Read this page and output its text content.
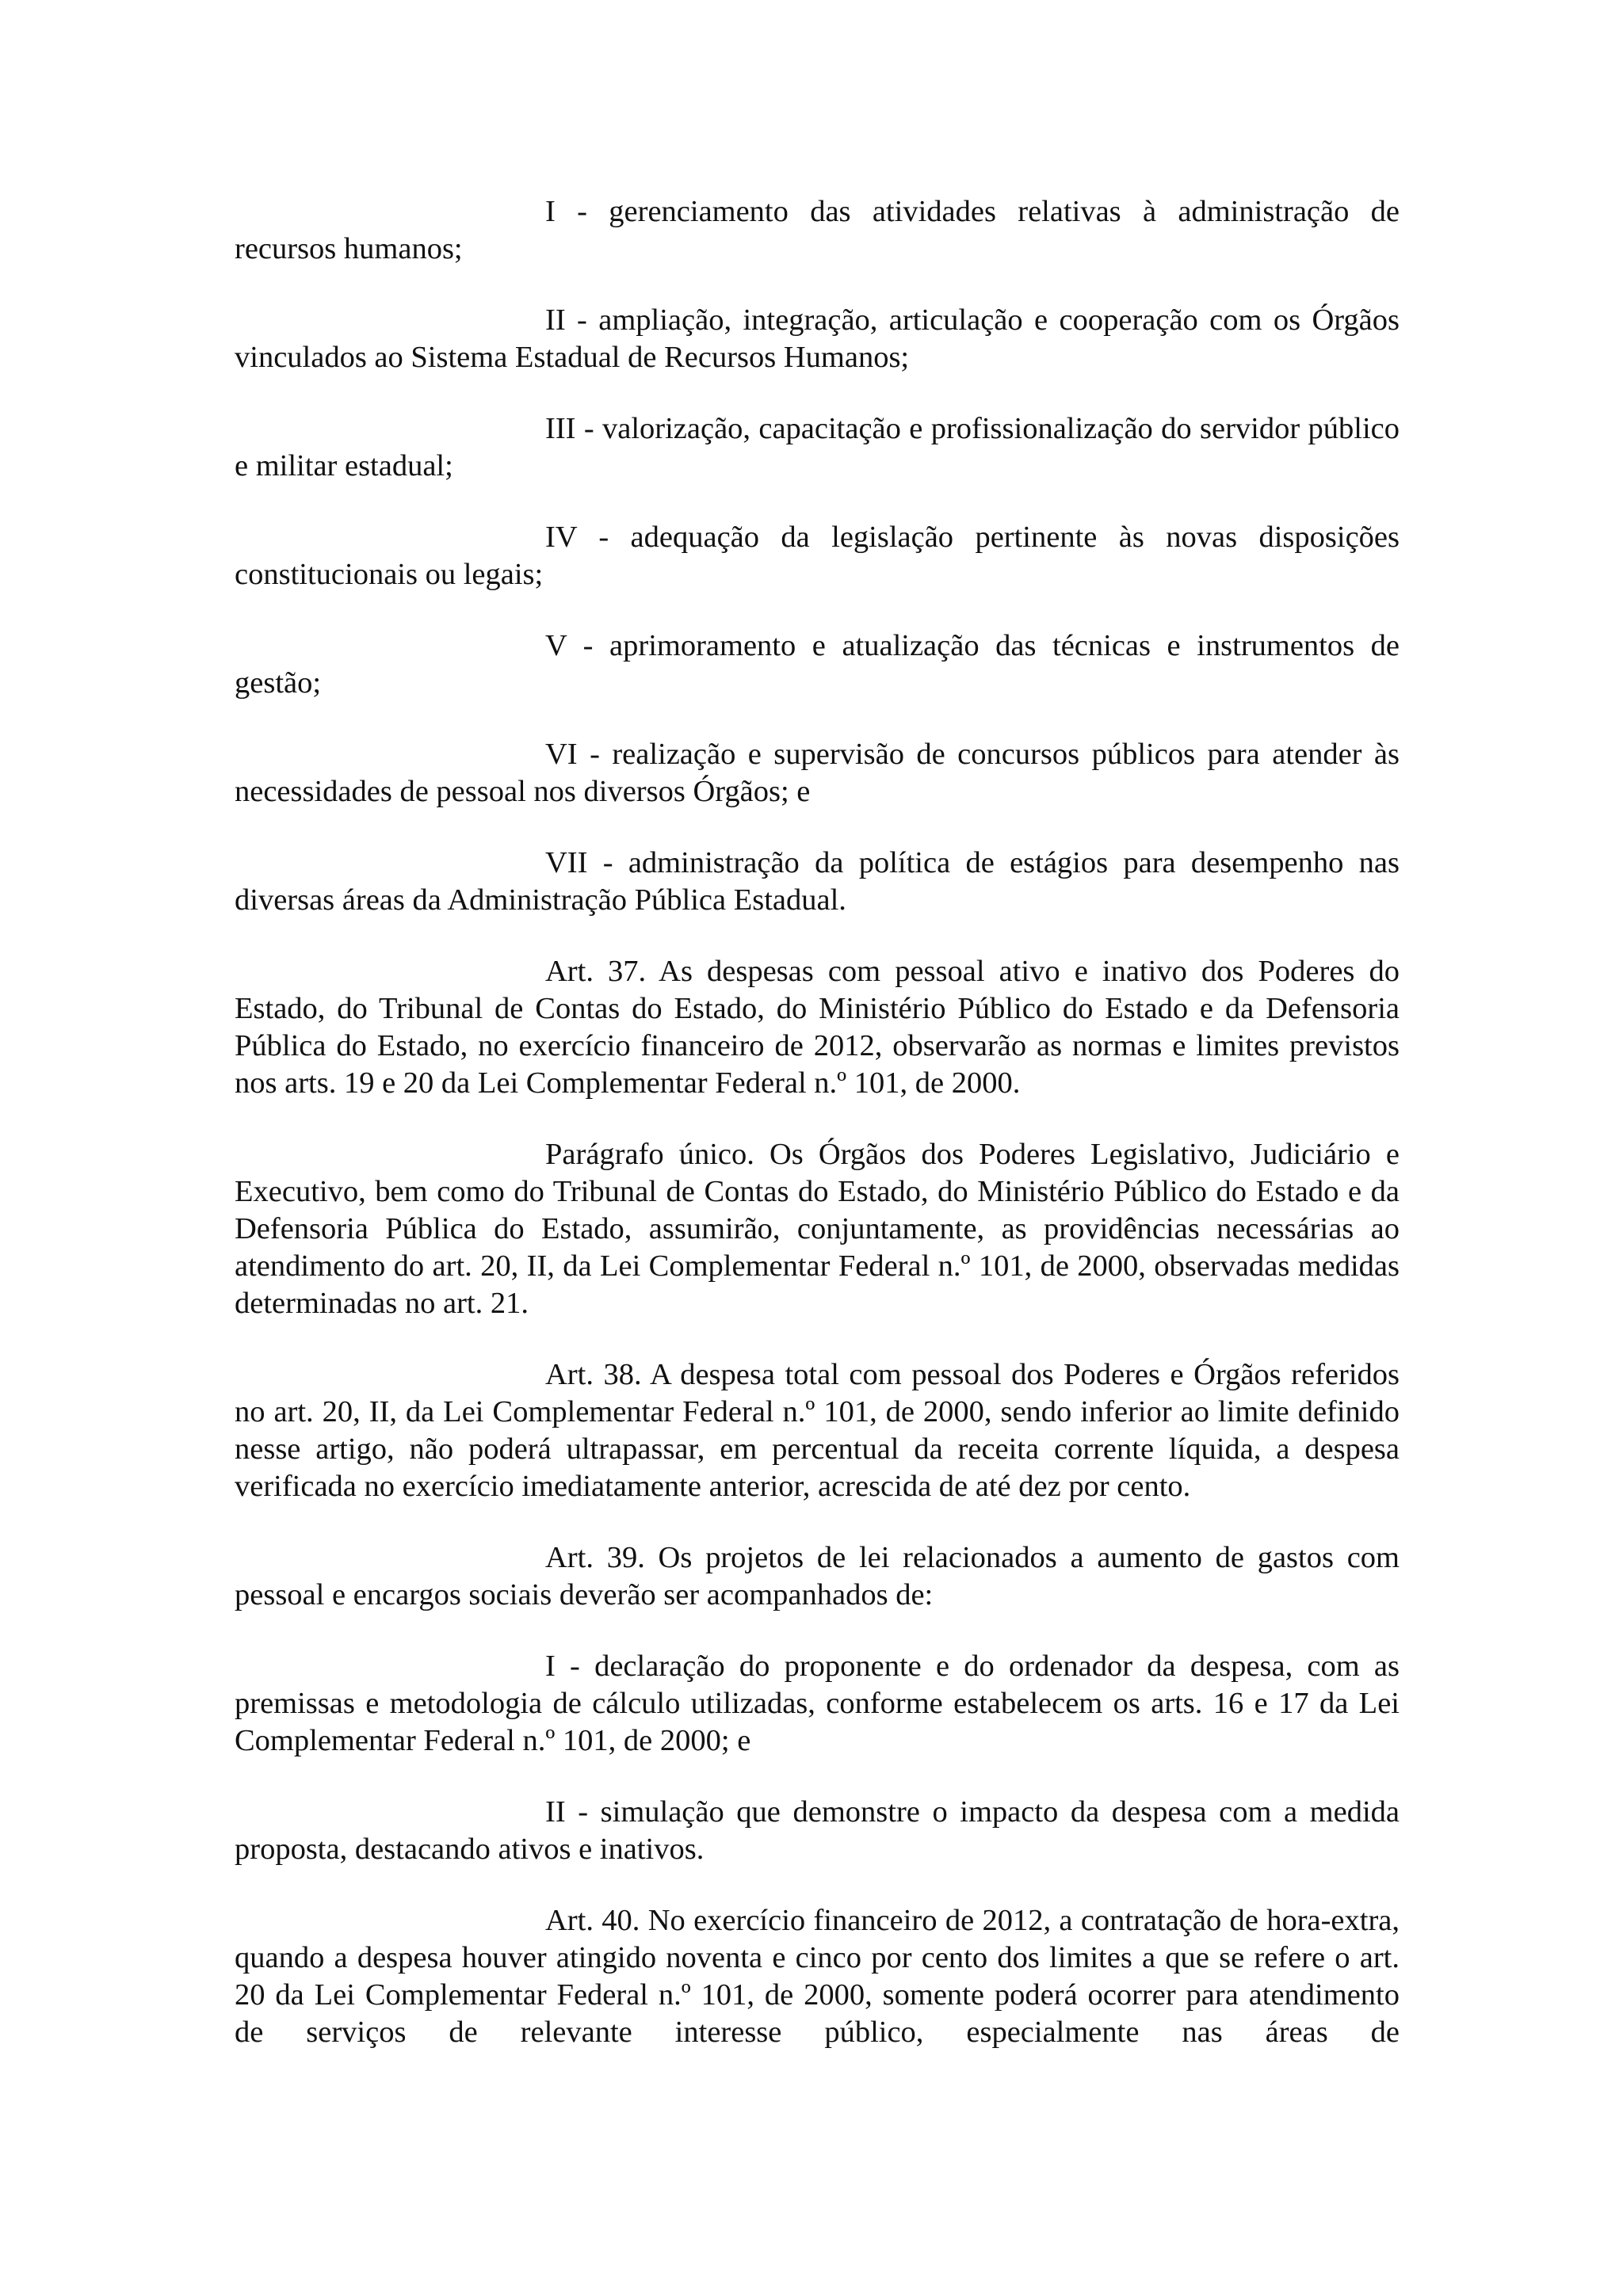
I - gerenciamento das atividades relativas à administração de
recursos humanos;

II - ampliação, integração, articulação e cooperação com os Órgãos vinculados ao Sistema Estadual de Recursos Humanos;

III - valorização, capacitação e profissionalização do servidor público e militar estadual;

IV - adequação da legislação pertinente às novas disposições constitucionais ou legais;

V - aprimoramento e atualização das técnicas e instrumentos de
gestão;

VI - realização e supervisão de concursos públicos para atender às necessidades de pessoal nos diversos Órgãos; e

VII - administração da política de estágios para desempenho nas diversas áreas da Administração Pública Estadual.

Art. 37. As despesas com pessoal ativo e inativo dos Poderes do Estado, do Tribunal de Contas do Estado, do Ministério Público do Estado e da Defensoria Pública do Estado, no exercício financeiro de 2012, observarão as normas e limites previstos nos arts. 19 e 20 da Lei Complementar Federal n.º 101, de 2000.

Parágrafo único. Os Órgãos dos Poderes Legislativo, Judiciário e Executivo, bem como do Tribunal de Contas do Estado, do Ministério Público do Estado e da Defensoria Pública do Estado, assumirão, conjuntamente, as providências necessárias ao atendimento do art. 20, II, da Lei Complementar Federal n.º 101, de 2000, observadas medidas determinadas no art. 21.

Art. 38. A despesa total com pessoal dos Poderes e Órgãos referidos no art. 20, II, da Lei Complementar Federal n.º 101, de 2000, sendo inferior ao limite definido nesse artigo, não poderá ultrapassar, em percentual da receita corrente líquida, a despesa verificada no exercício imediatamente anterior, acrescida de até dez por cento.

Art. 39. Os projetos de lei relacionados a aumento de gastos com pessoal e encargos sociais deverão ser acompanhados de:

I - declaração do proponente e do ordenador da despesa, com as premissas e metodologia de cálculo utilizadas, conforme estabelecem os arts. 16 e 17 da Lei Complementar Federal n.º 101, de 2000; e

II - simulação que demonstre o impacto da despesa com a medida proposta, destacando ativos e inativos.

Art. 40. No exercício financeiro de 2012, a contratação de hora-extra, quando a despesa houver atingido noventa e cinco por cento dos limites a que se refere o art. 20 da Lei Complementar Federal n.º 101, de 2000, somente poderá ocorrer para atendimento de serviços de relevante interesse público, especialmente nas áreas de
